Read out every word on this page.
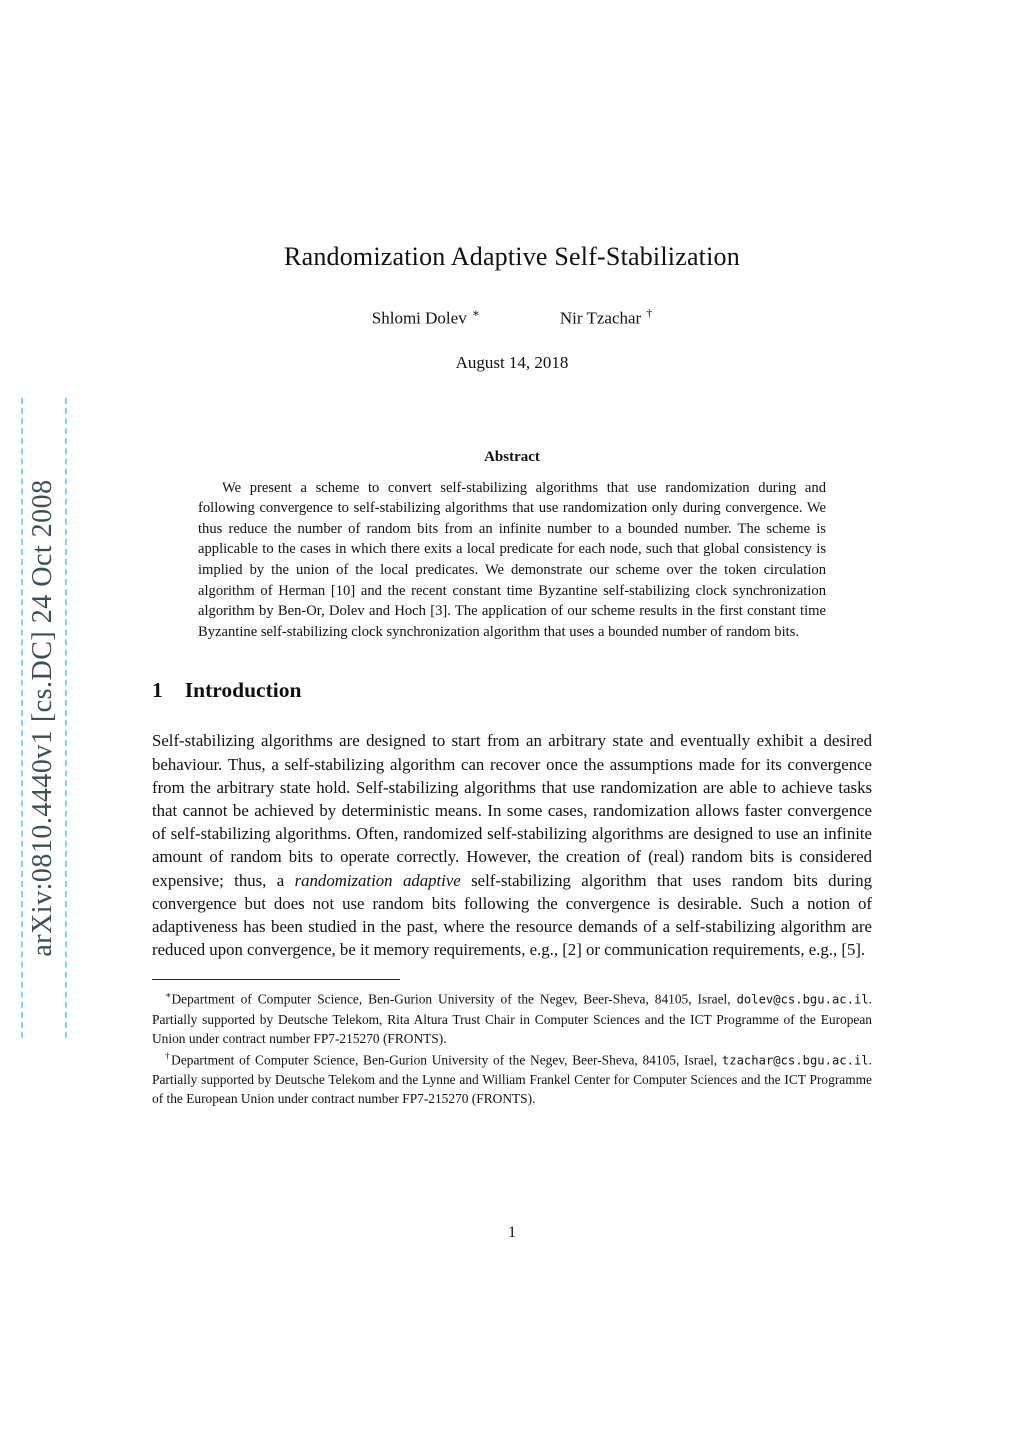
arXiv:0810.4440v1 [cs.DC] 24 Oct 2008
Randomization Adaptive Self-Stabilization
Shlomi Dolev ∗	Nir Tzachar †
August 14, 2018
Abstract

We present a scheme to convert self-stabilizing algorithms that use randomization during and following convergence to self-stabilizing algorithms that use randomization only during convergence. We thus reduce the number of random bits from an infinite number to a bounded number. The scheme is applicable to the cases in which there exits a local predicate for each node, such that global consistency is implied by the union of the local predicates. We demonstrate our scheme over the token circulation algorithm of Herman [10] and the recent constant time Byzantine self-stabilizing clock synchronization algorithm by Ben-Or, Dolev and Hoch [3]. The application of our scheme results in the first constant time Byzantine self-stabilizing clock synchronization algorithm that uses a bounded number of random bits.

1 Introduction

Self-stabilizing algorithms are designed to start from an arbitrary state and eventually exhibit a desired behaviour. Thus, a self-stabilizing algorithm can recover once the assumptions made for its convergence from the arbitrary state hold. Self-stabilizing algorithms that use randomization are able to achieve tasks that cannot be achieved by deterministic means. In some cases, randomization allows faster convergence of self-stabilizing algorithms. Often, randomized self-stabilizing algorithms are designed to use an infinite amount of random bits to operate correctly. However, the creation of (real) random bits is considered expensive; thus, a randomization adaptive self-stabilizing algorithm that uses random bits during convergence but does not use random bits following the convergence is desirable. Such a notion of adaptiveness has been studied in the past, where the resource demands of a self-stabilizing algorithm are reduced upon convergence, be it memory requirements, e.g., [2] or communication requirements, e.g., [5].

∗Department of Computer Science, Ben-Gurion University of the Negev, Beer-Sheva, 84105, Israel, dolev@cs.bgu.ac.il. Partially supported by Deutsche Telekom, Rita Altura Trust Chair in Computer Sciences and the ICT Programme of the European Union under contract number FP7-215270 (FRONTS).

†Department of Computer Science, Ben-Gurion University of the Negev, Beer-Sheva, 84105, Israel, tzachar@cs.bgu.ac.il. Partially supported by Deutsche Telekom and the Lynne and William Frankel Center for Computer Sciences and the ICT Programme of the European Union under contract number FP7-215270 (FRONTS).

1
